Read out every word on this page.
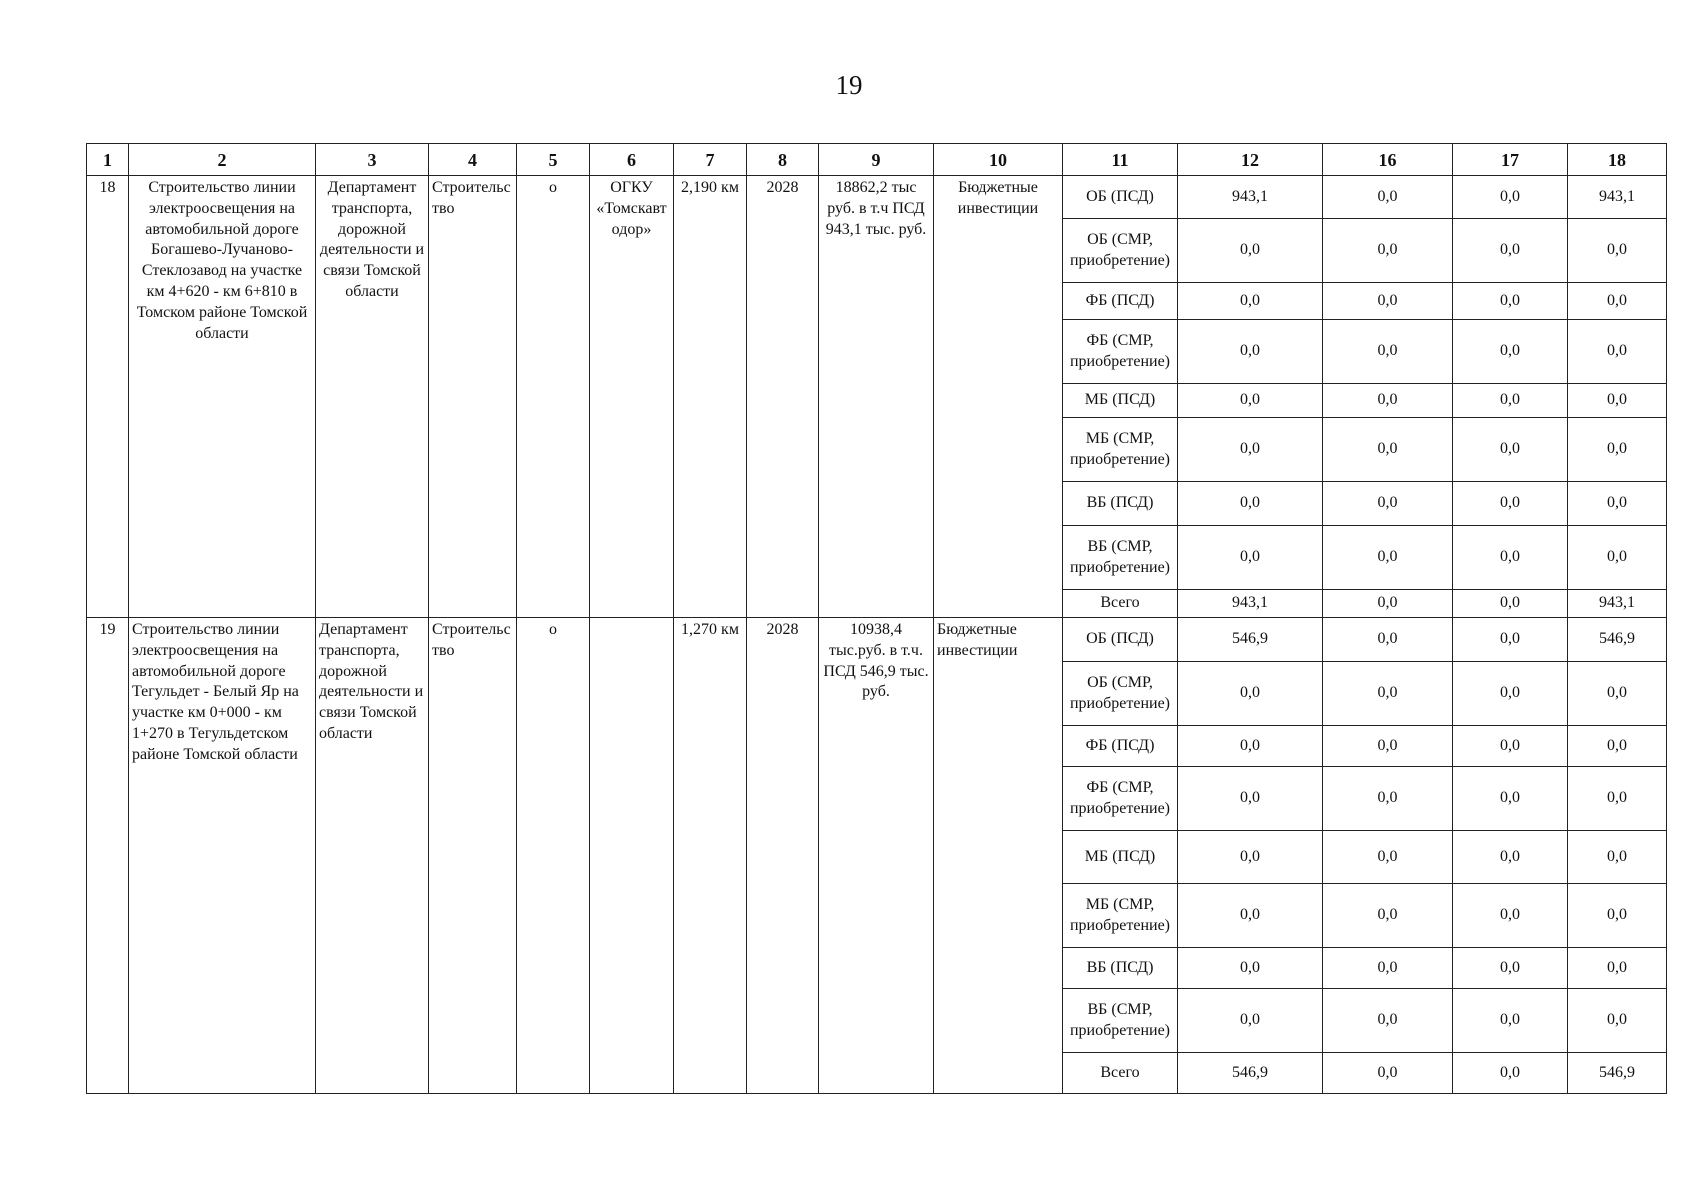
19
1	2	3	4	5	6	7	8	9	10	11	12	16	17	18
18	Строительство линии электроосвещения на автомобильной дороге Богашево-Лучаново-Стеклозавод на участке км 4+620 - км 6+810 в Томском районе Томской области	Департамент транспорта, дорожной деятельности и связи Томской области	Строительство	о	ОГКУ «Томскавтодор»	2,190 км	2028	18862,2 тыс руб. в т.ч ПСД 943,1 тыс. руб.	Бюджетные инвестиции	ОБ (ПСД)	943,1	0,0	0,0	943,1
										ОБ (СМР, приобретение)	0,0	0,0	0,0	0,0
										ФБ (ПСД)	0,0	0,0	0,0	0,0
										ФБ (СМР, приобретение)	0,0	0,0	0,0	0,0
										МБ (ПСД)	0,0	0,0	0,0	0,0
										МБ (СМР, приобретение)	0,0	0,0	0,0	0,0
										ВБ (ПСД)	0,0	0,0	0,0	0,0
										ВБ (СМР, приобретение)	0,0	0,0	0,0	0,0
										Всего	943,1	0,0	0,0	943,1
19	Строительство линии электроосвещения на автомобильной дороге Тегульдет - Белый Яр на участке км 0+000 - км 1+270 в Тегульдетском районе Томской области	Департамент транспорта, дорожной деятельности и связи Томской области	Строительство	о		1,270 км	2028	10938,4 тыс.руб. в т.ч. ПСД 546,9 тыс. руб.	Бюджетные инвестиции	ОБ (ПСД)	546,9	0,0	0,0	546,9
										ОБ (СМР, приобретение)	0,0	0,0	0,0	0,0
										ФБ (ПСД)	0,0	0,0	0,0	0,0
										ФБ (СМР, приобретение)	0,0	0,0	0,0	0,0
										МБ (ПСД)	0,0	0,0	0,0	0,0
										МБ (СМР, приобретение)	0,0	0,0	0,0	0,0
										ВБ (ПСД)	0,0	0,0	0,0	0,0
										ВБ (СМР, приобретение)	0,0	0,0	0,0	0,0
										Всего	546,9	0,0	0,0	546,9
